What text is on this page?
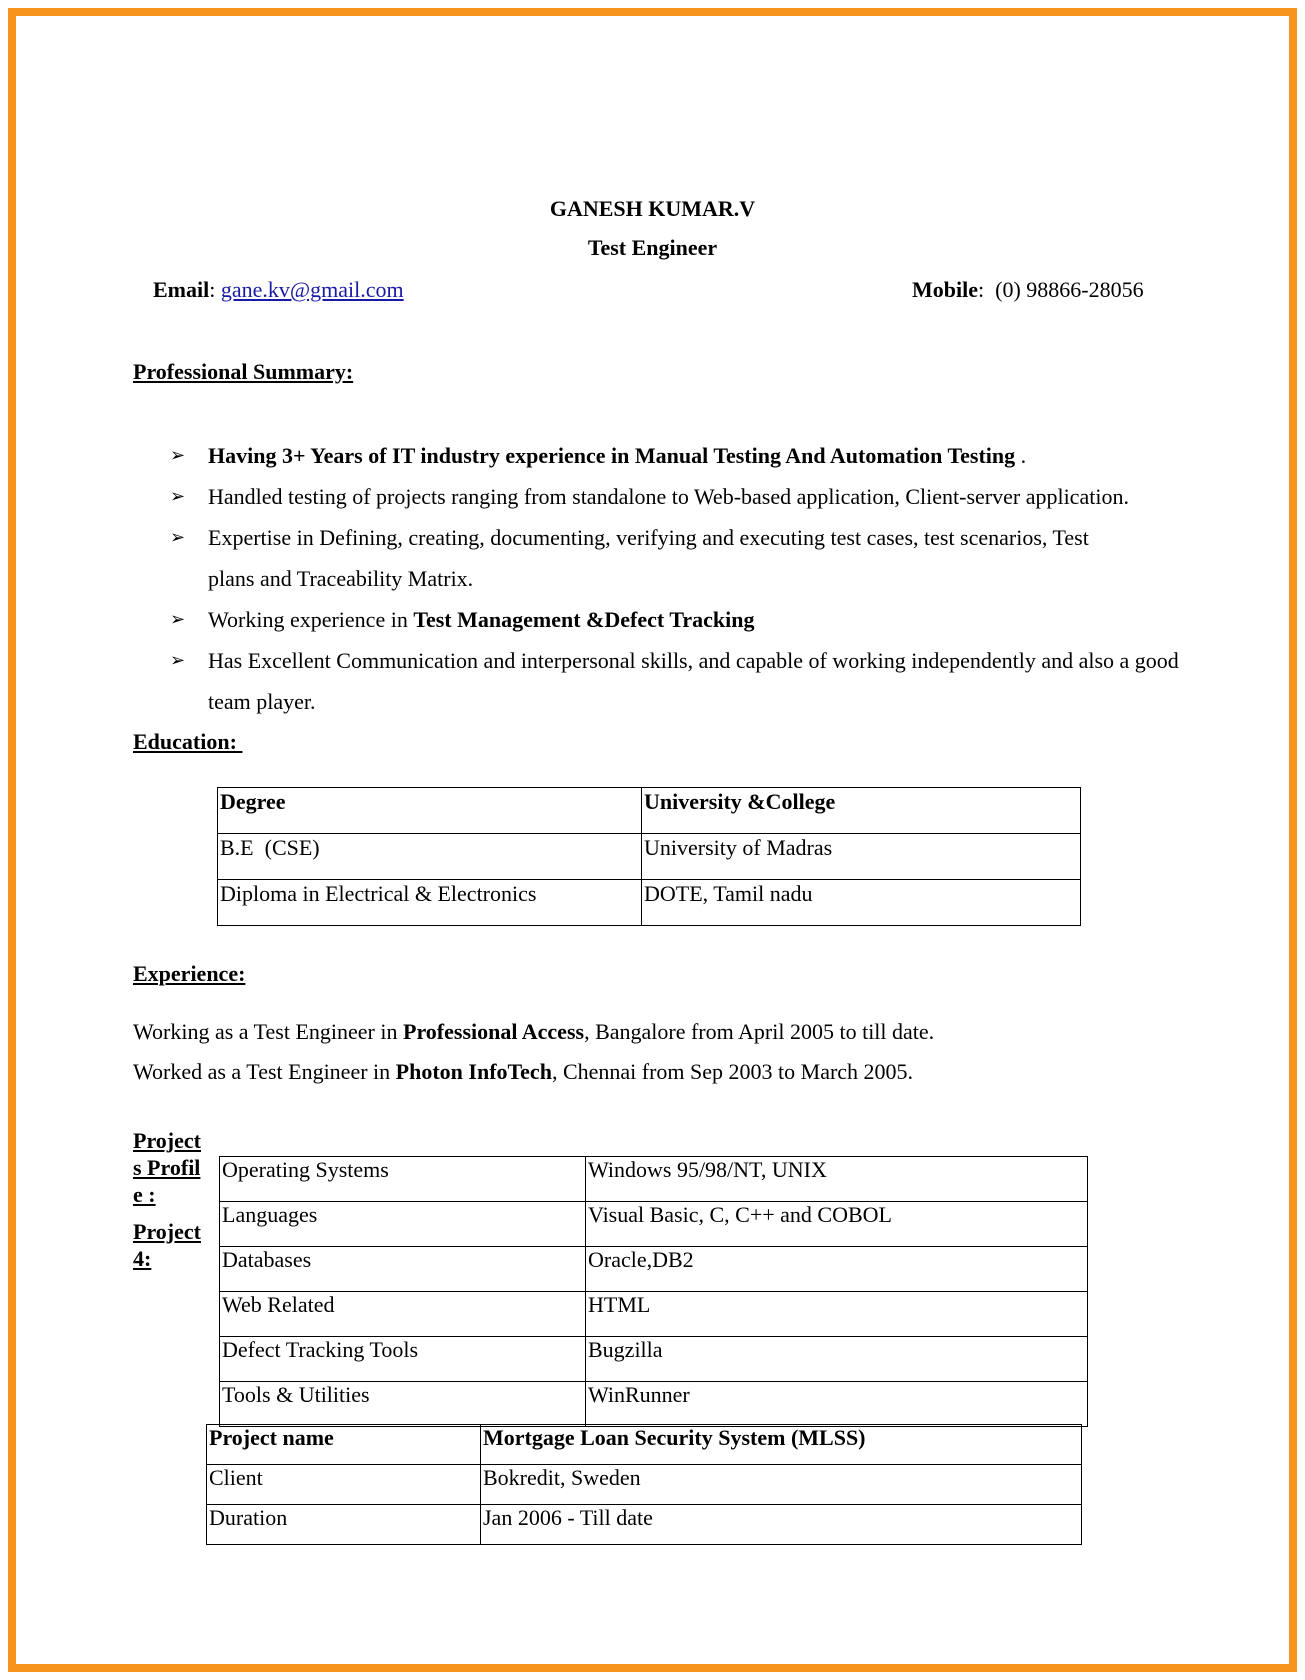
GANESH KUMAR.V
Test Engineer
Email: gane.kv@gmail.com	Mobile:  (0) 98866-28056
Professional Summary:
➢ Having 3+ Years of IT industry experience in Manual Testing And Automation Testing .
➢ Handled testing of projects ranging from standalone to Web-based application, Client-server application.
➢ Expertise in Defining, creating, documenting, verifying and executing test cases, test scenarios, Test plans and Traceability Matrix.
➢ Working experience in Test Management &Defect Tracking
➢ Has Excellent Communication and interpersonal skills, and capable of working independently and also a good team player.
Education:
Degree	University &College
B.E  (CSE)	University of Madras
Diploma in Electrical & Electronics	DOTE, Tamil nadu
Experience:
Working as a Test Engineer in Professional Access, Bangalore from April 2005 to till date.
Worked as a Test Engineer in Photon InfoTech, Chennai from Sep 2003 to March 2005.
Projects Profile :
Project 4:
Operating Systems	Windows 95/98/NT, UNIX
Languages	Visual Basic, C, C++ and COBOL
Databases	Oracle,DB2
Web Related	HTML
Defect Tracking Tools	Bugzilla
Tools & Utilities	WinRunner
Project name	Mortgage Loan Security System (MLSS)
Client	Bokredit, Sweden
Duration	Jan 2006 - Till date
